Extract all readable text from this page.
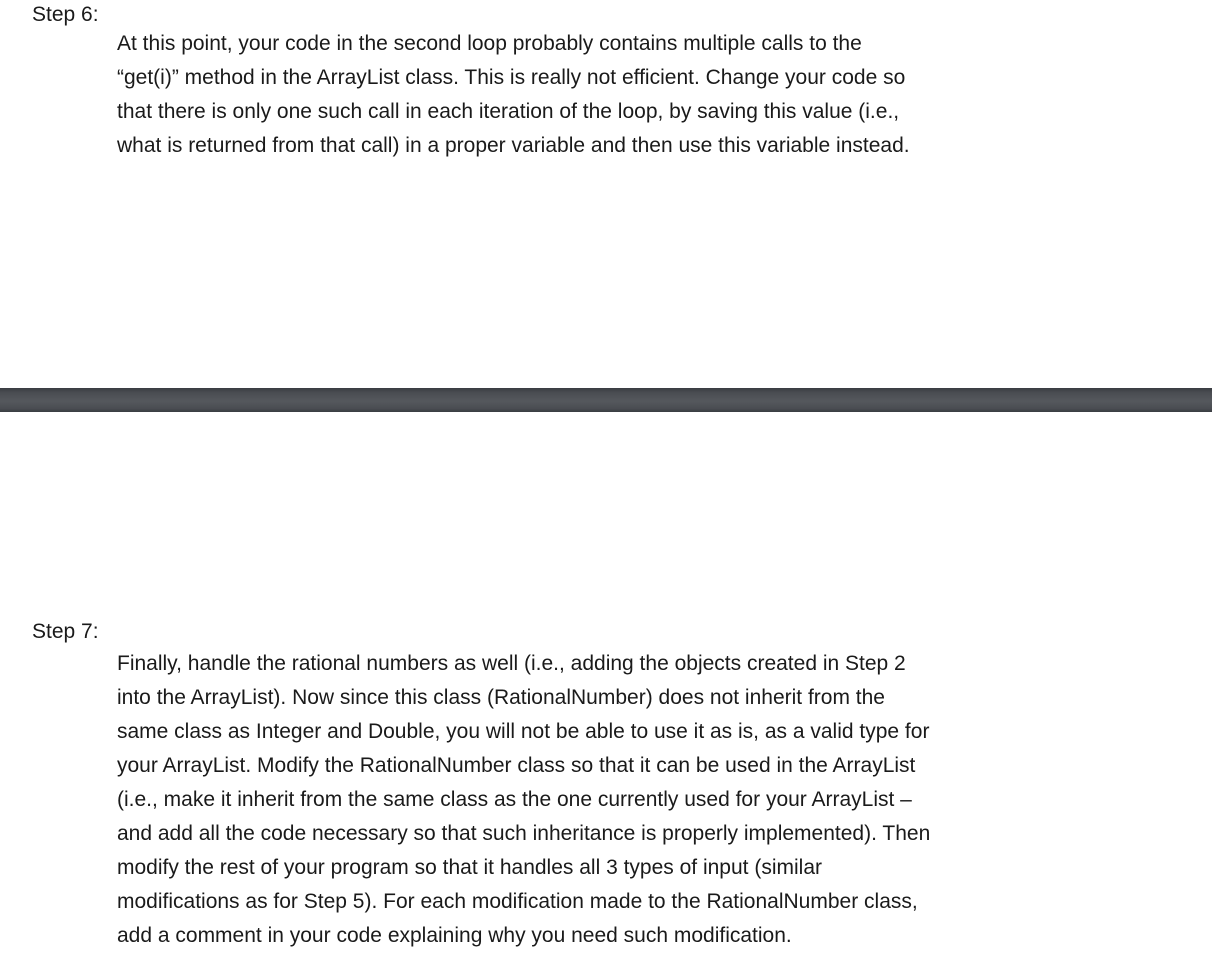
Step 6:

At this point, your code in the second loop probably contains multiple calls to the
“get(i)” method in the ArrayList class. This is really not efficient. Change your code so
that there is only one such call in each iteration of the loop, by saving this value (i.e.,
what is returned from that call) in a proper variable and then use this variable instead.

Step 7:

Finally, handle the rational numbers as well (i.e., adding the objects created in Step 2
into the ArrayList). Now since this class (RationalNumber) does not inherit from the
same class as Integer and Double, you will not be able to use it as is, as a valid type for
your ArrayList. Modify the RationalNumber class so that it can be used in the ArrayList
(i.e., make it inherit from the same class as the one currently used for your ArrayList –
and add all the code necessary so that such inheritance is properly implemented). Then
modify the rest of your program so that it handles all 3 types of input (similar
modifications as for Step 5). For each modification made to the RationalNumber class,
add a comment in your code explaining why you need such modification.
